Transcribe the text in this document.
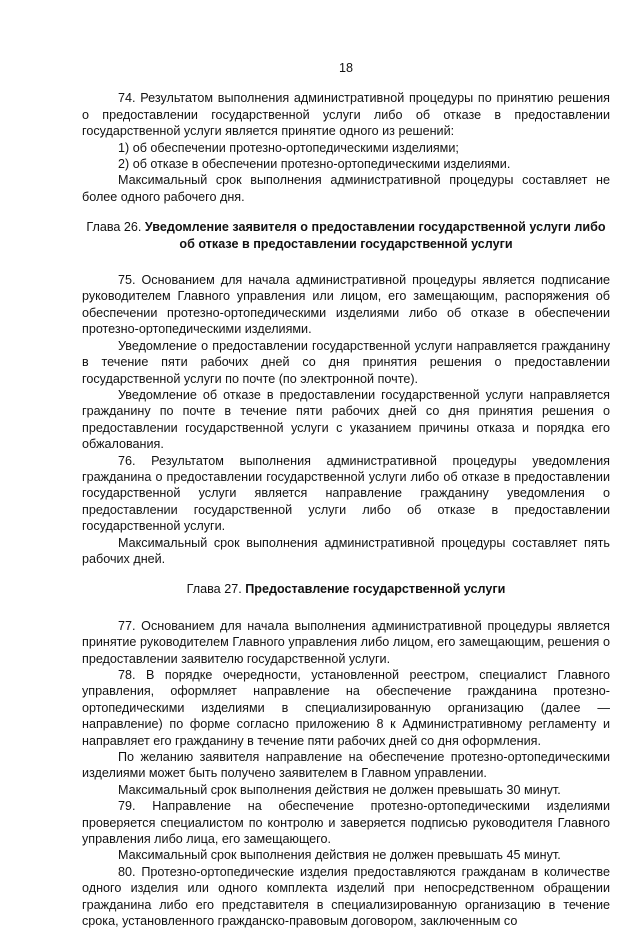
18

74. Результатом выполнения административной процедуры по принятию решения о предоставлении государственной услуги либо об отказе в предоставлении государственной услуги является принятие одного из решений:

1) об обеспечении протезно-ортопедическими изделиями;

2) об отказе в обеспечении протезно-ортопедическими изделиями.

Максимальный срок выполнения административной процедуры составляет не более одного рабочего дня.

Глава 26. Уведомление заявителя о предоставлении государственной услуги либо об отказе в предоставлении государственной услуги

75. Основанием для начала административной процедуры является подписание руководителем Главного управления или лицом, его замещающим, распоряжения об обеспечении протезно-ортопедическими изделиями либо об отказе в обеспечении протезно-ортопедическими изделиями.

Уведомление о предоставлении государственной услуги направляется гражданину в течение пяти рабочих дней со дня принятия решения о предоставлении государственной услуги по почте (по электронной почте).

Уведомление об отказе в предоставлении государственной услуги направляется гражданину по почте в течение пяти рабочих дней со дня принятия решения о предоставлении государственной услуги с указанием причины отказа и порядка его обжалования.

76. Результатом выполнения административной процедуры уведомления гражданина о предоставлении государственной услуги либо об отказе в предоставлении государственной услуги является направление гражданину уведомления о предоставлении государственной услуги либо об отказе в предоставлении государственной услуги.

Максимальный срок выполнения административной процедуры составляет пять рабочих дней.

Глава 27. Предоставление государственной услуги

77. Основанием для начала выполнения административной процедуры является принятие руководителем Главного управления либо лицом, его замещающим, решения о предоставлении заявителю государственной услуги.

78. В порядке очередности, установленной реестром, специалист Главного управления, оформляет направление на обеспечение гражданина протезно-ортопедическими изделиями в специализированную организацию (далее — направление) по форме согласно приложению 8 к Административному регламенту и направляет его гражданину в течение пяти рабочих дней со дня оформления.

По желанию заявителя направление на обеспечение протезно-ортопедическими изделиями может быть получено заявителем в Главном управлении.

Максимальный срок выполнения действия не должен превышать 30 минут.

79. Направление на обеспечение протезно-ортопедическими изделиями проверяется специалистом по контролю и заверяется подписью руководителя Главного управления либо лица, его замещающего.

Максимальный срок выполнения действия не должен превышать 45 минут.

80. Протезно-ортопедические изделия предоставляются гражданам в количестве одного изделия или одного комплекта изделий при непосредственном обращении гражданина либо его представителя в специализированную организацию в течение срока, установленного гражданско-правовым договором, заключенным со
